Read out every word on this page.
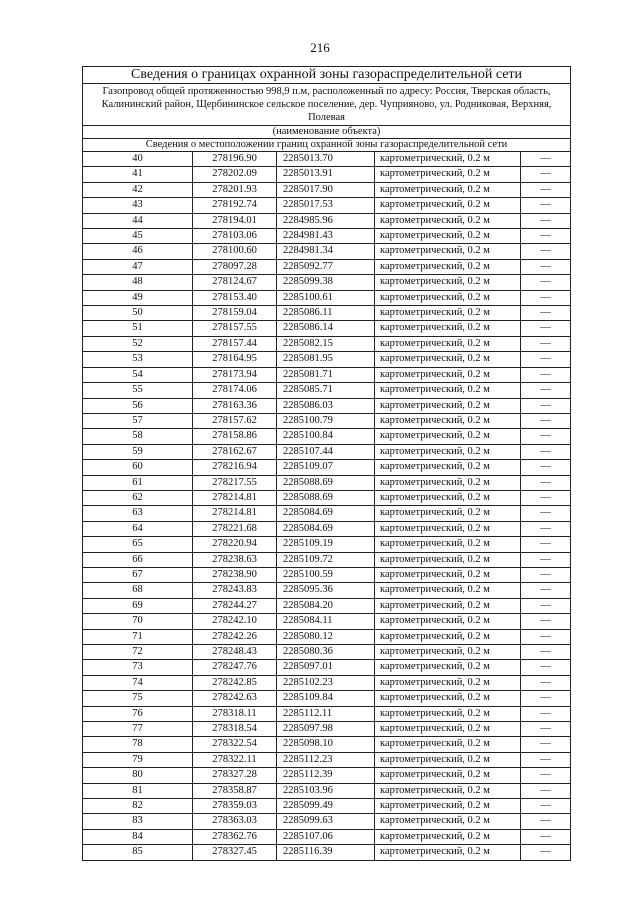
216
Сведения о границах охранной зоны газораспределительной сети				
Газопровод общей протяженностью 998,9 п.м, расположенный по адресу: Россия, Тверская область, Калининский район, Щербининское сельское поселение, дер. Чуприяново, ул. Родниковая, Верхняя, Полевая				
(наименование объекта)				
Сведения о местоположении границ охранной зоны газораспределительной сети				
40	278196.90	2285013.70	картометрический, 0.2 м	—
41	278202.09	2285013.91	картометрический, 0.2 м	—
42	278201.93	2285017.90	картометрический, 0.2 м	—
43	278192.74	2285017.53	картометрический, 0.2 м	—
44	278194.01	2284985.96	картометрический, 0.2 м	—
45	278103.06	2284981.43	картометрический, 0.2 м	—
46	278100.60	2284981.34	картометрический, 0.2 м	—
47	278097.28	2285092.77	картометрический, 0.2 м	—
48	278124.67	2285099.38	картометрический, 0.2 м	—
49	278153.40	2285100.61	картометрический, 0.2 м	—
50	278159.04	2285086.11	картометрический, 0.2 м	—
51	278157.55	2285086.14	картометрический, 0.2 м	—
52	278157.44	2285082.15	картометрический, 0.2 м	—
53	278164.95	2285081.95	картометрический, 0.2 м	—
54	278173.94	2285081.71	картометрический, 0.2 м	—
55	278174.06	2285085.71	картометрический, 0.2 м	—
56	278163.36	2285086.03	картометрический, 0.2 м	—
57	278157.62	2285100.79	картометрический, 0.2 м	—
58	278158.86	2285100.84	картометрический, 0.2 м	—
59	278162.67	2285107.44	картометрический, 0.2 м	—
60	278216.94	2285109.07	картометрический, 0.2 м	—
61	278217.55	2285088.69	картометрический, 0.2 м	—
62	278214.81	2285088.69	картометрический, 0.2 м	—
63	278214.81	2285084.69	картометрический, 0.2 м	—
64	278221.68	2285084.69	картометрический, 0.2 м	—
65	278220.94	2285109.19	картометрический, 0.2 м	—
66	278238.63	2285109.72	картометрический, 0.2 м	—
67	278238.90	2285100.59	картометрический, 0.2 м	—
68	278243.83	2285095.36	картометрический, 0.2 м	—
69	278244.27	2285084.20	картометрический, 0.2 м	—
70	278242.10	2285084.11	картометрический, 0.2 м	—
71	278242.26	2285080.12	картометрический, 0.2 м	—
72	278248.43	2285080.36	картометрический, 0.2 м	—
73	278247.76	2285097.01	картометрический, 0.2 м	—
74	278242.85	2285102.23	картометрический, 0.2 м	—
75	278242.63	2285109.84	картометрический, 0.2 м	—
76	278318.11	2285112.11	картометрический, 0.2 м	—
77	278318.54	2285097.98	картометрический, 0.2 м	—
78	278322.54	2285098.10	картометрический, 0.2 м	—
79	278322.11	2285112.23	картометрический, 0.2 м	—
80	278327.28	2285112.39	картометрический, 0.2 м	—
81	278358.87	2285103.96	картометрический, 0.2 м	—
82	278359.03	2285099.49	картометрический, 0.2 м	—
83	278363.03	2285099.63	картометрический, 0.2 м	—
84	278362.76	2285107.06	картометрический, 0.2 м	—
85	278327.45	2285116.39	картометрический, 0.2 м	—
